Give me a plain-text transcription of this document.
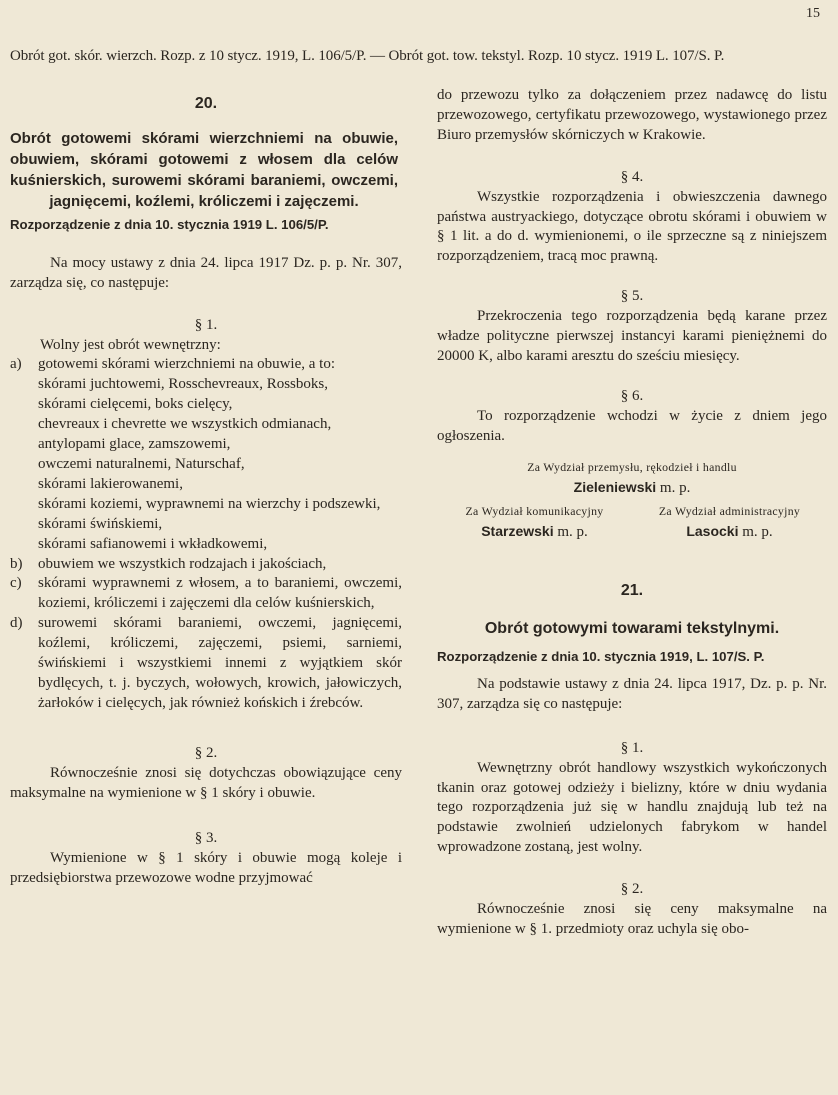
15
Obrót got. skór. wierzch. Rozp. z 10 stycz. 1919, L. 106/5/P. — Obrót got. tow. tekstyl. Rozp. 10 stycz. 1919 L. 107/S. P.

20.

Obrót gotowemi skórami wierzchniemi na obuwie, obuwiem, skórami gotowemi z włosem dla celów kuśnierskich, surowemi skórami baraniemi, owczemi, jagnięcemi, koźlemi, króliczemi i zajęczemi.

Rozporządzenie z dnia 10. stycznia 1919 L. 106/5/P.

Na mocy ustawy z dnia 24. lipca 1917 Dz. p. p. Nr. 307, zarządza się, co następuje:

§ 1.

Wolny jest obrót wewnętrzny:

a) gotowemi skórami wierzchniemi na obuwie, a to:
skórami juchtowemi, Rosschevreaux, Rossboks,
skórami cielęcemi, boks cielęcy,
chevreaux i chevrette we wszystkich odmianach,
antylopami glace, zamszowemi,
owczemi naturalnemi, Naturschaf,
skórami lakierowanemi,
skórami koziemi, wyprawnemi na wierzchy i podszewki,
skórami świńskiemi,
skórami safianowemi i wkładkowemi,
b) obuwiem we wszystkich rodzajach i jakościach,
c) skórami wyprawnemi z włosem, a to baraniemi, owczemi, koziemi, króliczemi i zajęczemi dla celów kuśnierskich,
d) surowemi skórami baraniemi, owczemi, jagnięcemi, koźlemi, króliczemi, zajęczemi, psiemi, sarniemi, świńskiemi i wszystkiemi innemi z wyjątkiem skór bydlęcych, t. j. byczych, wołowych, krowich, jałowiczych, żarłoków i cielęcych, jak również końskich i źrebców.

§ 2.

Równocześnie znosi się dotychczas obowiązujące ceny maksymalne na wymienione w § 1 skóry i obuwie.

§ 3.

Wymienione w § 1 skóry i obuwie mogą koleje i przedsiębiorstwa przewozowe wodne przyjmować

do przewozu tylko za dołączeniem przez nadawcę do listu przewozowego, certyfikatu przewozowego, wystawionego przez Biuro przemysłów skórniczych w Krakowie.

§ 4.

Wszystkie rozporządzenia i obwieszczenia dawnego państwa austryackiego, dotyczące obrotu skórami i obuwiem w § 1 lit. a do d. wymienionemi, o ile sprzeczne są z niniejszem rozporządzeniem, tracą moc prawną.

§ 5.

Przekroczenia tego rozporządzenia będą karane przez władze polityczne pierwszej instancyi karami pieniężnemi do 20000 K, albo karami aresztu do sześciu miesięcy.

§ 6.

To rozporządzenie wchodzi w życie z dniem jego ogłoszenia.

Za Wydział przemysłu, rękodzieł i handlu

Zieleniewski m. p.

Za Wydział komunikacyjny
Starzewski m. p.
Za Wydział administracyjny
Lasocki m. p.

21.

Obrót gotowymi towarami tekstylnymi.

Rozporządzenie z dnia 10. stycznia 1919, L. 107/S. P.

Na podstawie ustawy z dnia 24. lipca 1917, Dz. p. p. Nr. 307, zarządza się co następuje:

§ 1.

Wewnętrzny obrót handlowy wszystkich wykończonych tkanin oraz gotowej odzieży i bielizny, które w dniu wydania tego rozporządzenia już się w handlu znajdują lub też na podstawie zwolnień udzielonych fabrykom w handel wprowadzone zostaną, jest wolny.

§ 2.

Równocześnie znosi się ceny maksymalne na wymienione w § 1. przedmioty oraz uchyla się obo-
